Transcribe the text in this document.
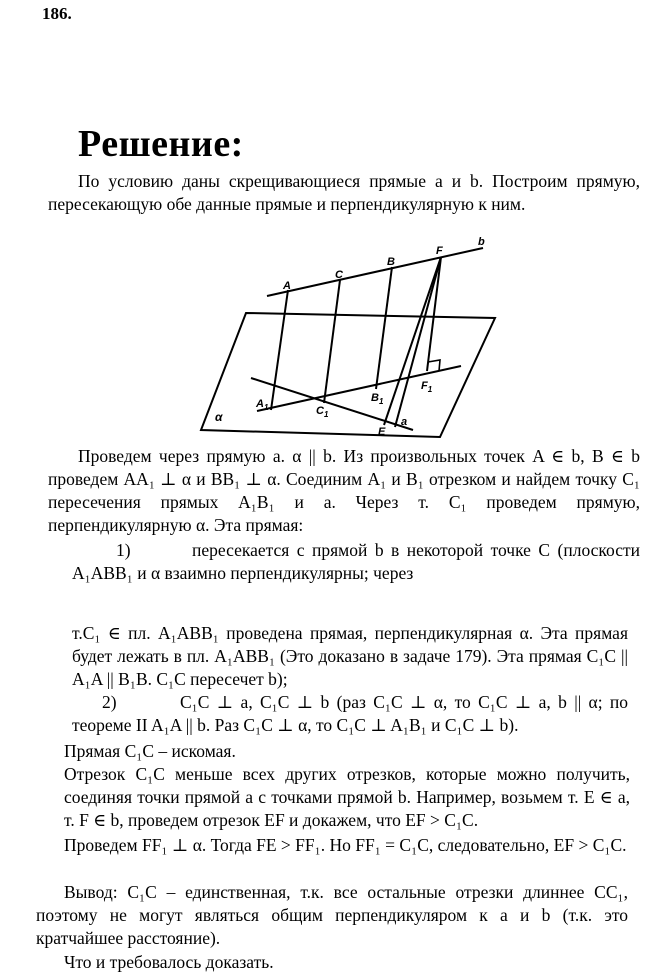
186.
Решение:
По условию даны скрещивающиеся прямые a и b. Построим прямую, пересекающую обе данные прямые и перпендикулярную к ним.
A
C
B
F
b
$A_1$	$C_1$
$B_1$
$F_1$
E
a
α
Проведем через прямую a. α || b. Из произвольных точек A ∈ b, B ∈ b проведем AA₁ ⊥ α и BB₁ ⊥ α. Соединим A₁ и B₁ отрезком и найдем точку C₁ пересечения прямых A₁B₁ и a. Через т. C₁ проведем прямую, перпендикулярную α. Эта прямая:
1)	пересекается с прямой b в некоторой точке C (плоскости A₁ABB₁ и α взаимно перпендикулярны; через
т.C₁ ∈ пл. A₁ABB₁ проведена прямая, перпендикулярная α. Эта прямая будет лежать в пл. A₁ABB₁ (Это доказано в задаче 179). Эта прямая C₁C || A₁A || B₁B. C₁C пересечет b);
2)	C₁C ⊥ a, C₁C ⊥ b (раз C₁C ⊥ α, то C₁C ⊥ a, b || α; по теореме II A₁A || b. Раз C₁C ⊥ α, то C₁C ⊥ A₁B₁ и C₁C ⊥ b).
Прямая C₁C – искомая.
Отрезок C₁C меньше всех других отрезков, которые можно получить, соединяя точки прямой a с точками прямой b. Например, возьмем т. E ∈ a, т. F ∈ b, проведем отрезок EF и докажем, что EF > C₁C.
Проведем FF₁ ⊥ α. Тогда FE > FF₁. Но FF₁ = C₁C, следовательно, EF > C₁C.
Вывод: C₁C – единственная, т.к. все остальные отрезки длиннее CC₁, поэтому не могут являться общим перпендикуляром к a и b (т.к. это кратчайшее расстояние).
Что и требовалось доказать.
